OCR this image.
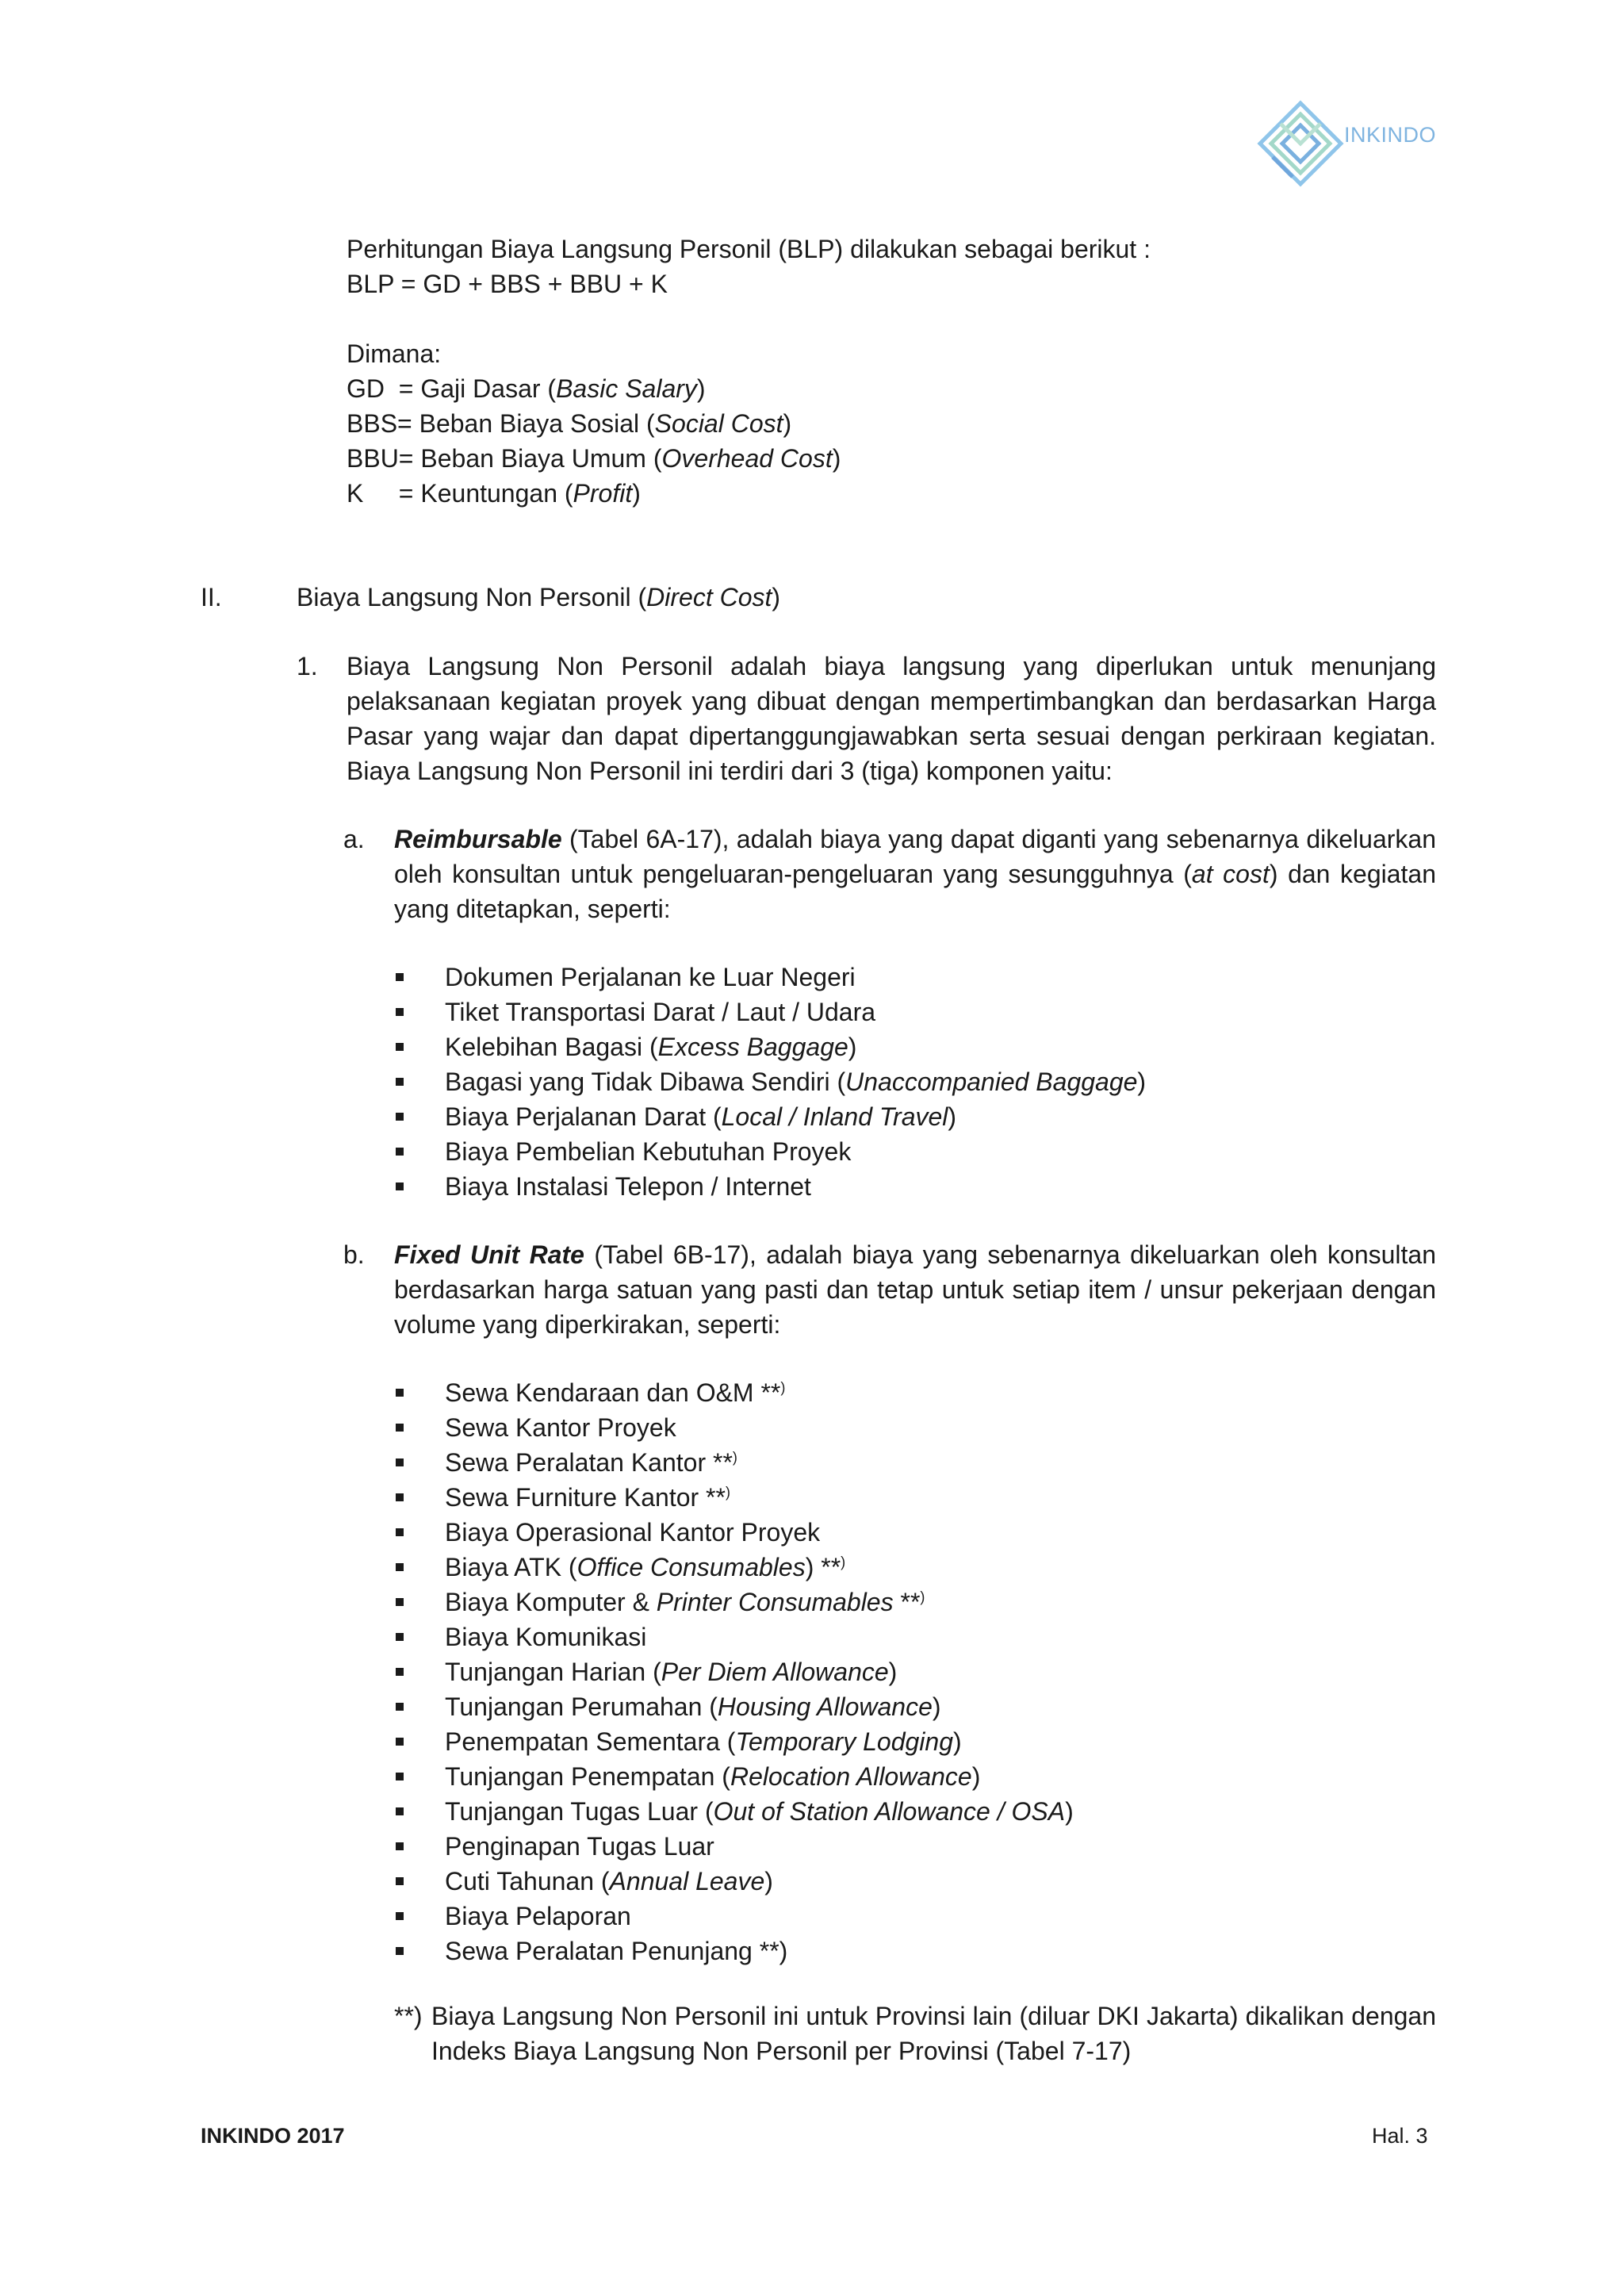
INKINDO
Perhitungan Biaya Langsung Personil (BLP) dilakukan sebagai berikut :
BLP = GD + BBS + BBU + K
Dimana:
GD  = Gaji Dasar (Basic Salary)
BBS= Beban Biaya Sosial (Social Cost)
BBU= Beban Biaya Umum (Overhead Cost)
K     = Keuntungan (Profit)
II.	Biaya Langsung Non Personil (Direct Cost)
1. Biaya Langsung Non Personil adalah biaya langsung yang diperlukan untuk menunjang pelaksanaan kegiatan proyek yang dibuat dengan mempertimbangkan dan berdasarkan Harga Pasar yang wajar dan dapat dipertanggungjawabkan serta sesuai dengan perkiraan kegiatan. Biaya Langsung Non Personil ini terdiri dari 3 (tiga) komponen yaitu:
a. Reimbursable (Tabel 6A-17), adalah biaya yang dapat diganti yang sebenarnya dikeluarkan oleh konsultan untuk pengeluaran-pengeluaran yang sesungguhnya (at cost) dan kegiatan yang ditetapkan, seperti:
Dokumen Perjalanan ke Luar Negeri
Tiket Transportasi Darat / Laut / Udara
Kelebihan Bagasi (Excess Baggage)
Bagasi yang Tidak Dibawa Sendiri (Unaccompanied Baggage)
Biaya Perjalanan Darat (Local / Inland Travel)
Biaya Pembelian Kebutuhan Proyek
Biaya Instalasi Telepon / Internet
b. Fixed Unit Rate (Tabel 6B-17), adalah biaya yang sebenarnya dikeluarkan oleh konsultan berdasarkan harga satuan yang pasti dan tetap untuk setiap item / unsur pekerjaan dengan volume yang diperkirakan, seperti:
Sewa Kendaraan dan O&M **)
Sewa Kantor Proyek
Sewa Peralatan Kantor **)
Sewa Furniture Kantor **)
Biaya Operasional Kantor Proyek
Biaya ATK (Office Consumables) **)
Biaya Komputer & Printer Consumables **)
Biaya Komunikasi
Tunjangan Harian (Per Diem Allowance)
Tunjangan Perumahan (Housing Allowance)
Penempatan Sementara (Temporary Lodging)
Tunjangan Penempatan (Relocation Allowance)
Tunjangan Tugas Luar (Out of Station Allowance / OSA)
Penginapan Tugas Luar
Cuti Tahunan (Annual Leave)
Biaya Pelaporan
Sewa Peralatan Penunjang **)
**) Biaya Langsung Non Personil ini untuk Provinsi lain (diluar DKI Jakarta) dikalikan dengan Indeks Biaya Langsung Non Personil per Provinsi (Tabel 7-17)
INKINDO 2017	Hal. 3
